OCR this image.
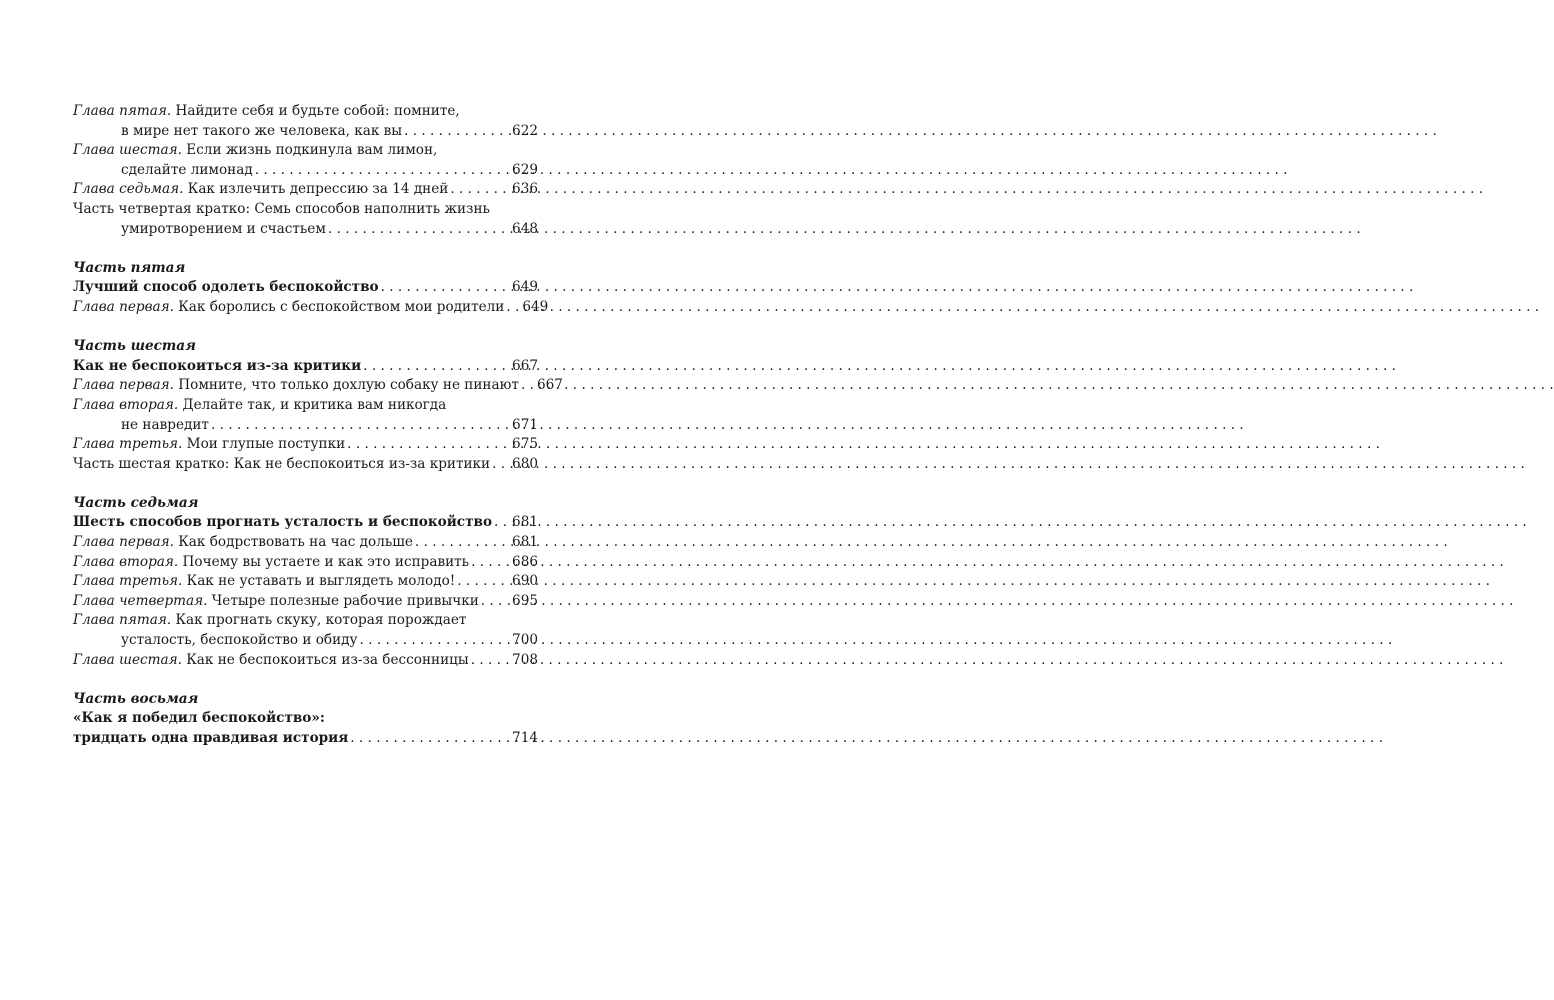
Глава пятая. Найдите себя и будьте собой: помните,
в мире нет такого же человека, как вы . . .	622
Глава шестая. Если жизнь подкинула вам лимон,
сделайте лимонад . . .	629
Глава седьмая. Как излечить депрессию за 14 дней . . .	636
Часть четвертая кратко: Семь способов наполнить жизнь
умиротворением и счастьем . . .	648
Часть пятая
Лучший способ одолеть беспокойство . . .	649
Глава первая. Как боролись с беспокойством мои родители . . . 649
Часть шестая
Как не беспокоиться из-за критики . . .	667
Глава первая. Помните, что только дохлую собаку не пинают . . . 667
Глава вторая. Делайте так, и критика вам никогда
не навредит . . .	671
Глава третья. Мои глупые поступки . . .	675
Часть шестая кратко: Как не беспокоиться из-за критики . . . 680
Часть седьмая
Шесть способов прогнать усталость и беспокойство . . . 681
Глава первая. Как бодрствовать на час дольше . . .	681
Глава вторая. Почему вы устаете и как это исправить . . .	686
Глава третья. Как не уставать и выглядеть молодо! . . .	690
Глава четвертая. Четыре полезные рабочие привычки . . . 695
Глава пятая. Как прогнать скуку, которая порождает
усталость, беспокойство и обиду . . .	700
Глава шестая. Как не беспокоиться из-за бессонницы . . .	708
Часть восьмая
«Как я победил беспокойство»:
тридцать одна правдивая история . . .	714
